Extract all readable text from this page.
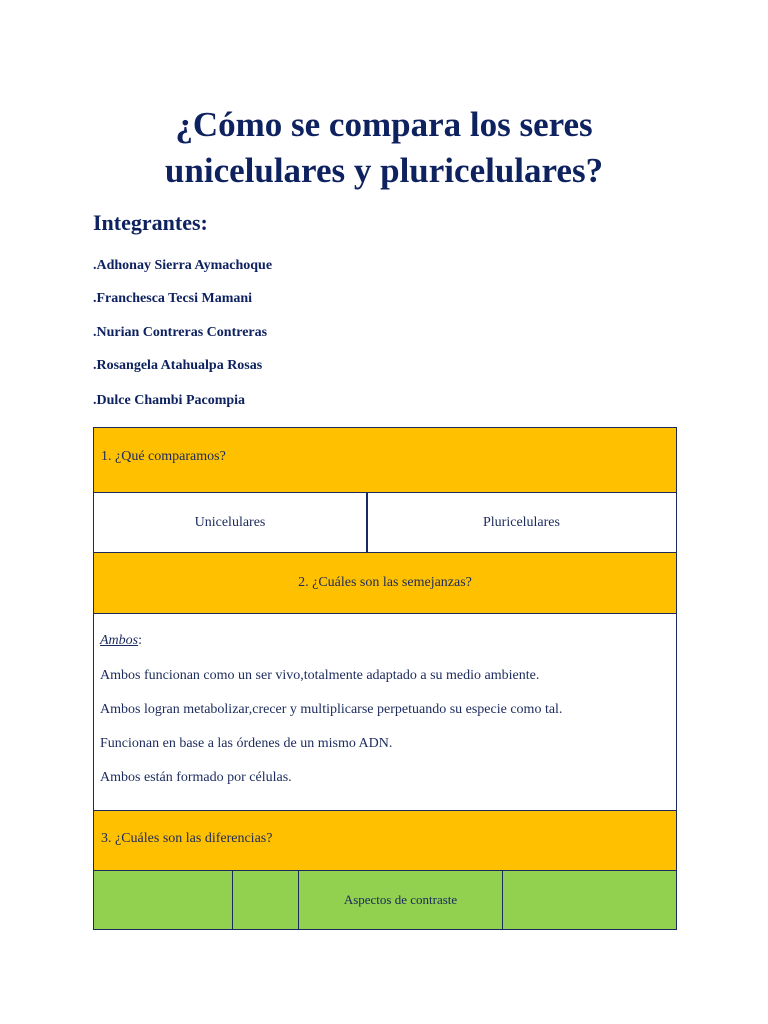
¿Cómo se compara los seres
unicelulares y pluricelulares?
Integrantes:
.Adhonay Sierra Aymachoque
.Franchesca Tecsi Mamani
.Nurian Contreras Contreras
.Rosangela Atahualpa Rosas
.Dulce Chambi Pacompia
1. ¿Qué comparamos?
Unicelulares	Pluricelulares
2. ¿Cuáles son las semejanzas?
Ambos:
Ambos funcionan como un ser vivo,totalmente adaptado a su medio ambiente.
Ambos logran metabolizar,crecer y multiplicarse perpetuando su especie como tal.
Funcionan en base a las órdenes de un mismo ADN.
Ambos están formado por células.
3. ¿Cuáles son las diferencias?
Aspectos de contraste
